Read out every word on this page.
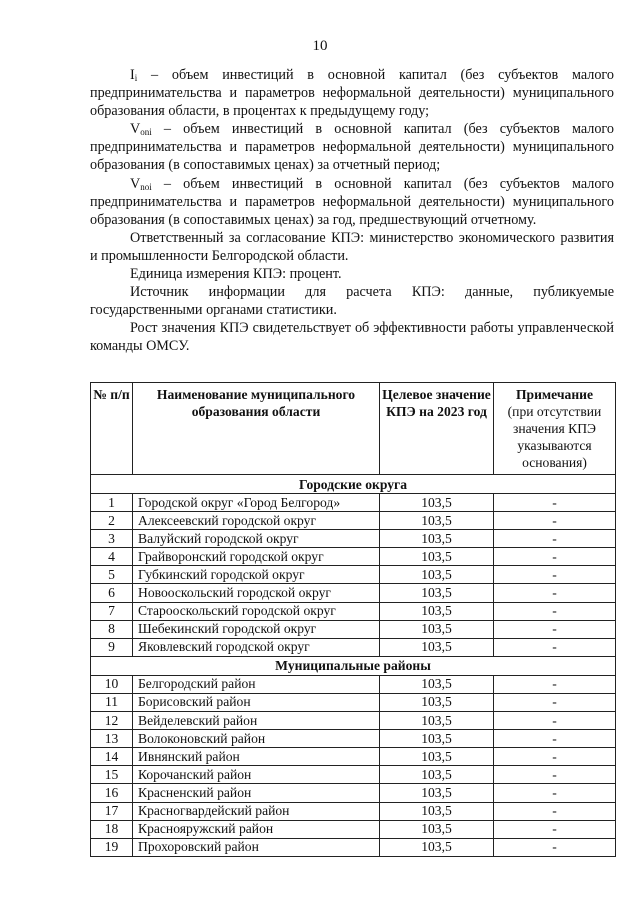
10

$I_i$ – объем инвестиций в основной капитал (без субъектов малого предпринимательства и параметров неформальной деятельности) муниципального образования области, в процентах к предыдущему году;

$V_{oni}$ – объем инвестиций в основной капитал (без субъектов малого предпринимательства и параметров неформальной деятельности) муниципального образования (в сопоставимых ценах) за отчетный период;

$V_{noi}$ – объем инвестиций в основной капитал (без субъектов малого предпринимательства и параметров неформальной деятельности) муниципального образования (в сопоставимых ценах) за год, предшествующий отчетному.

Ответственный за согласование КПЭ: министерство экономического развития и промышленности Белгородской области.

Единица измерения КПЭ: процент.

Источник информации для расчета КПЭ: данные, публикуемые государственными органами статистики.

Рост значения КПЭ свидетельствует об эффективности работы управленческой команды ОМСУ.

№ п/п	Наименование муниципального образования области	Целевое значение КПЭ на 2023 год	Примечание
(при отсутствии значения КПЭ указываются основания)

Городские округа			
1	Городской округ «Город Белгород»	103,5	-
2	Алексеевский городской округ	103,5	-
3	Валуйский городской округ	103,5	-
4	Грайворонский городской округ	103,5	-
5	Губкинский городской округ	103,5	-
6	Новооскольский городской округ	103,5	-
7	Старооскольский городской округ	103,5	-
8	Шебекинский городской округ	103,5	-
9	Яковлевский городской округ	103,5	-
Муниципальные районы			
10	Белгородский район	103,5	-
11	Борисовский район	103,5	-
12	Вейделевский район	103,5	-
13	Волоконовский район	103,5	-
14	Ивнянский район	103,5	-
15	Корочанский район	103,5	-
16	Красненский район	103,5	-
17	Красногвардейский район	103,5	-
18	Краснояружский район	103,5	-
19	Прохоровский район	103,5	-
